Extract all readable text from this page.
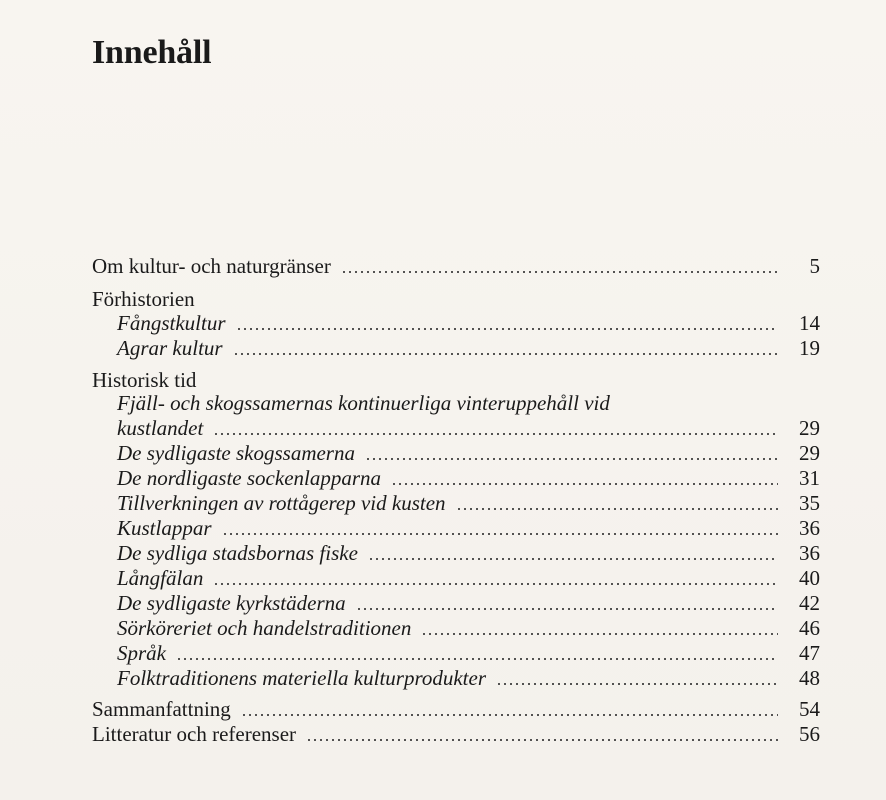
Innehåll
Om kultur- och naturgränser	5
Förhistorien
Fångstkultur	14
Agrar kultur	19
Historisk tid
Fjäll- och skogssamernas kontinuerliga vinteruppehåll vid
kustlandet	29
De sydligaste skogssamerna	29
De nordligaste sockenlapparna	31
Tillverkningen av rottågerep vid kusten	35
Kustlappar	36
De sydliga stadsbornas fiske	36
Långfälan	40
De sydligaste kyrkstäderna	42
Sörköreriet och handelstraditionen	46
Språk	47
Folktraditionens materiella kulturprodukter	48
Sammanfattning	54
Litteratur och referenser	56
